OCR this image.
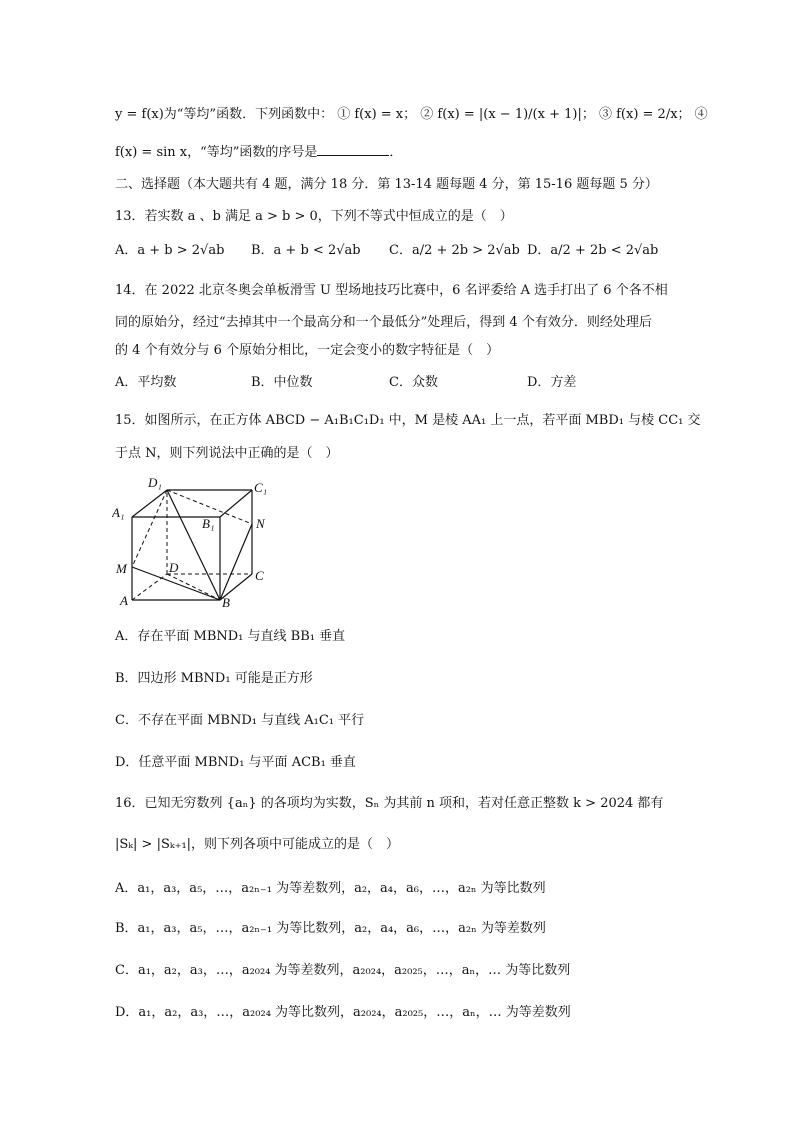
y = f(x)为“等均”函数．下列函数中： ① f(x) = x； ② f(x) = |(x − 1)/(x + 1)|； ③ f(x) = 2/x； ④
f(x) = sin x，“等均”函数的序号是	．
二、选择题（本大题共有 4 题，满分 18 分．第 13-14 题每题 4 分，第 15-16 题每题 5 分）
13．若实数 a 、b 满足 a > b > 0，下列不等式中恒成立的是（　）
A．a + b > 2√ab B．a + b < 2√ab C．a/2 + 2b > 2√ab D．a/2 + 2b < 2√ab
14．在 2022 北京冬奥会单板滑雪 U 型场地技巧比赛中，6 名评委给 A 选手打出了 6 个各不相
同的原始分，经过“去掉其中一个最高分和一个最低分”处理后，得到 4 个有效分．则经处理后
的 4 个有效分与 6 个原始分相比，一定会变小的数字特征是（　）
A．平均数	B．中位数	C．众数	D．方差
15．如图所示，在正方体 ABCD − A₁B₁C₁D₁ 中，M 是棱 AA₁ 上一点，若平面 MBD₁ 与棱 CC₁ 交
于点 N，则下列说法中正确的是（　）
D₁	C₁
A₁
B₁	N
M	D
C
A	B
A．存在平面 MBND₁ 与直线 BB₁ 垂直
B．四边形 MBND₁ 可能是正方形
C．不存在平面 MBND₁ 与直线 A₁C₁ 平行
D．任意平面 MBND₁ 与平面 ACB₁ 垂直
16．已知无穷数列 {aₙ} 的各项均为实数，Sₙ 为其前 n 项和，若对任意正整数 k > 2024 都有
|Sₖ| > |Sₖ₊₁|，则下列各项中可能成立的是（　）
A．a₁，a₃，a₅，…，a₂ₙ₋₁ 为等差数列，a₂，a₄，a₆，…，a₂ₙ 为等比数列
B．a₁，a₃，a₅，…，a₂ₙ₋₁ 为等比数列，a₂，a₄，a₆，…，a₂ₙ 为等差数列
C．a₁，a₂，a₃，…，a₂₀₂₄ 为等差数列，a₂₀₂₄，a₂₀₂₅，…，aₙ，… 为等比数列
D．a₁，a₂，a₃，…，a₂₀₂₄ 为等比数列，a₂₀₂₄，a₂₀₂₅，…，aₙ，… 为等差数列
